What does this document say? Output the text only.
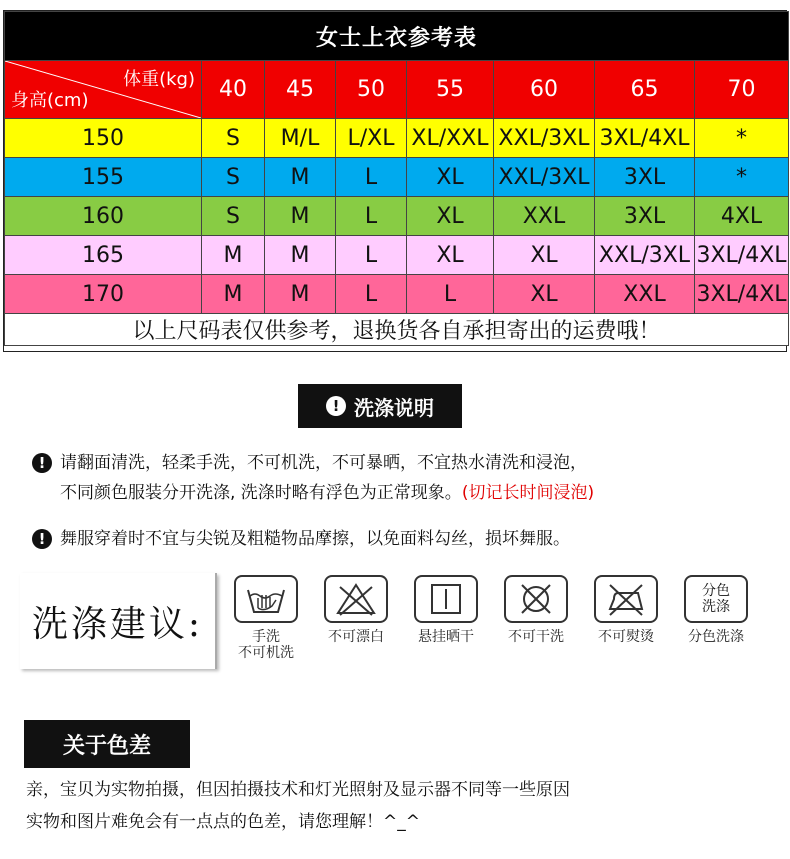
女士上衣参考表							

体重(kg)
身高(cm)	40	45	50	55	60	65	70
150	S	M/L	L/XL	XL/XXL	XXL/3XL	3XL/4XL	*
155	S	M	L	XL	XXL/3XL	3XL	*
160	S	M	L	XL	XXL	3XL	4XL
165	M	M	L	XL	XL	XXL/3XL	3XL/4XL
170	M	M	L	L	XL	XXL	3XL/4XL
以上尺码表仅供参考，退换货各自承担寄出的运费哦！							
! 洗涤说明
! 请翻面清洗，轻柔手洗，不可机洗，不可暴晒，不宜热水清洗和浸泡，
不同颜色服装分开洗涤, 洗涤时略有浮色为正常现象。(切记长时间浸泡)
! 舞服穿着时不宜与尖锐及粗糙物品摩擦，以免面料勾丝，损坏舞服。
洗涤建议:	手洗
不可机洗
不可漂白	悬挂晒干	不可干洗	不可熨烫
分色
洗涤
分色洗涤
关于色差
亲，宝贝为实物拍摄，但因拍摄技术和灯光照射及显示器不同等一些原因
实物和图片难免会有一点点的色差，请您理解！^_^
